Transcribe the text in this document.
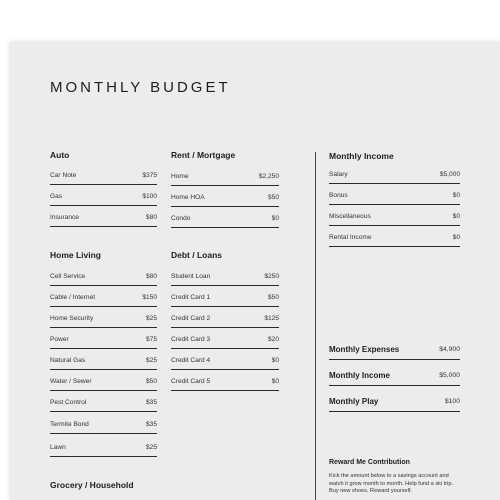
MONTHLY BUDGET
Auto
Car Note	$375
Gas	$100
Insurance	$80
Home Living
Cell Service	$80
Cable / Internet	$150
Home Security	$25
Power	$75
Natural Gas	$25
Water / Sewer	$50
Pest Control	$35
Termite Bond	$35
Lawn	$25
Grocery / Household
Rent / Mortgage
Home	$2,250
Home HOA	$50
Condo	$0
Debt / Loans
Student Loan	$250
Credit Card 1	$50
Credit Card 2	$125
Credit Card 3	$20
Credit Card 4	$0
Credit Card 5	$0
Monthly Income
Salary	$5,000
Bonus	$0
Miscellaneous	$0
Rental Income	$0
Monthly Expenses	$4,900
Monthly Income	$5,000
Monthly Play	$100
Reward Me Contribution
Kick the amount below to a savings account and watch it grow month to month. Help fund a ski trip. Buy new shoes. Reward yourself.
